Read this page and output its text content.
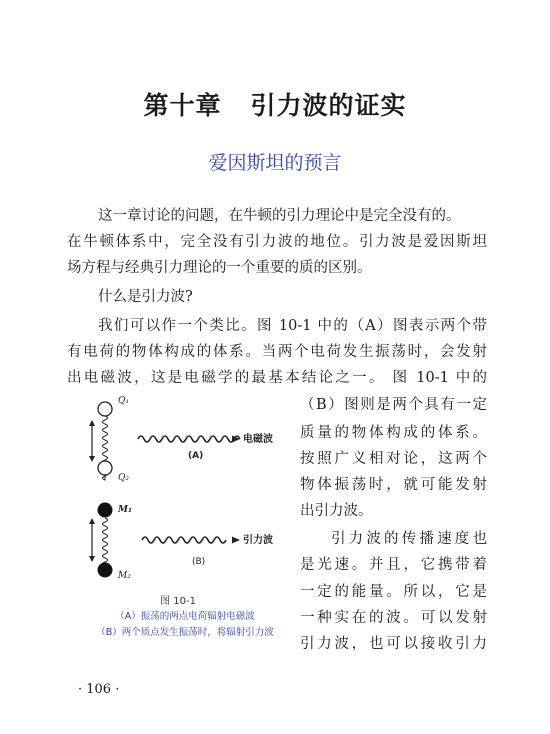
第十章   引力波的证实
爱因斯坦的预言
这一章讨论的问题，在牛顿的引力理论中是完全没有的。
在牛顿体系中，完全没有引力波的地位。引力波是爱因斯坦
场方程与经典引力理论的一个重要的质的区别。
什么是引力波?
我们可以作一个类比。图 10-1 中的（A）图表示两个带
有电荷的物体构成的体系。当两个电荷发生振荡时，会发射
出电磁波，这是电磁学的最基本结论之一。 图 10-1 中的
（B）图则是两个具有一定
质量的物体构成的体系。
按照广义相对论，这两个
物体振荡时，就可能发射
出引力波。
引力波的传播速度也
是光速。并且，它携带着
一定的能量。所以，它是
一种实在的波。可以发射
引力波，也可以接收引力
Q₁
Q₂
电磁波
(A)
M₁
M₂
引力波
(B)
图 10-1
（A）振荡的两点电荷辐射电磁波
（B）两个质点发生振荡时，将辐射引力波
· 106 ·
